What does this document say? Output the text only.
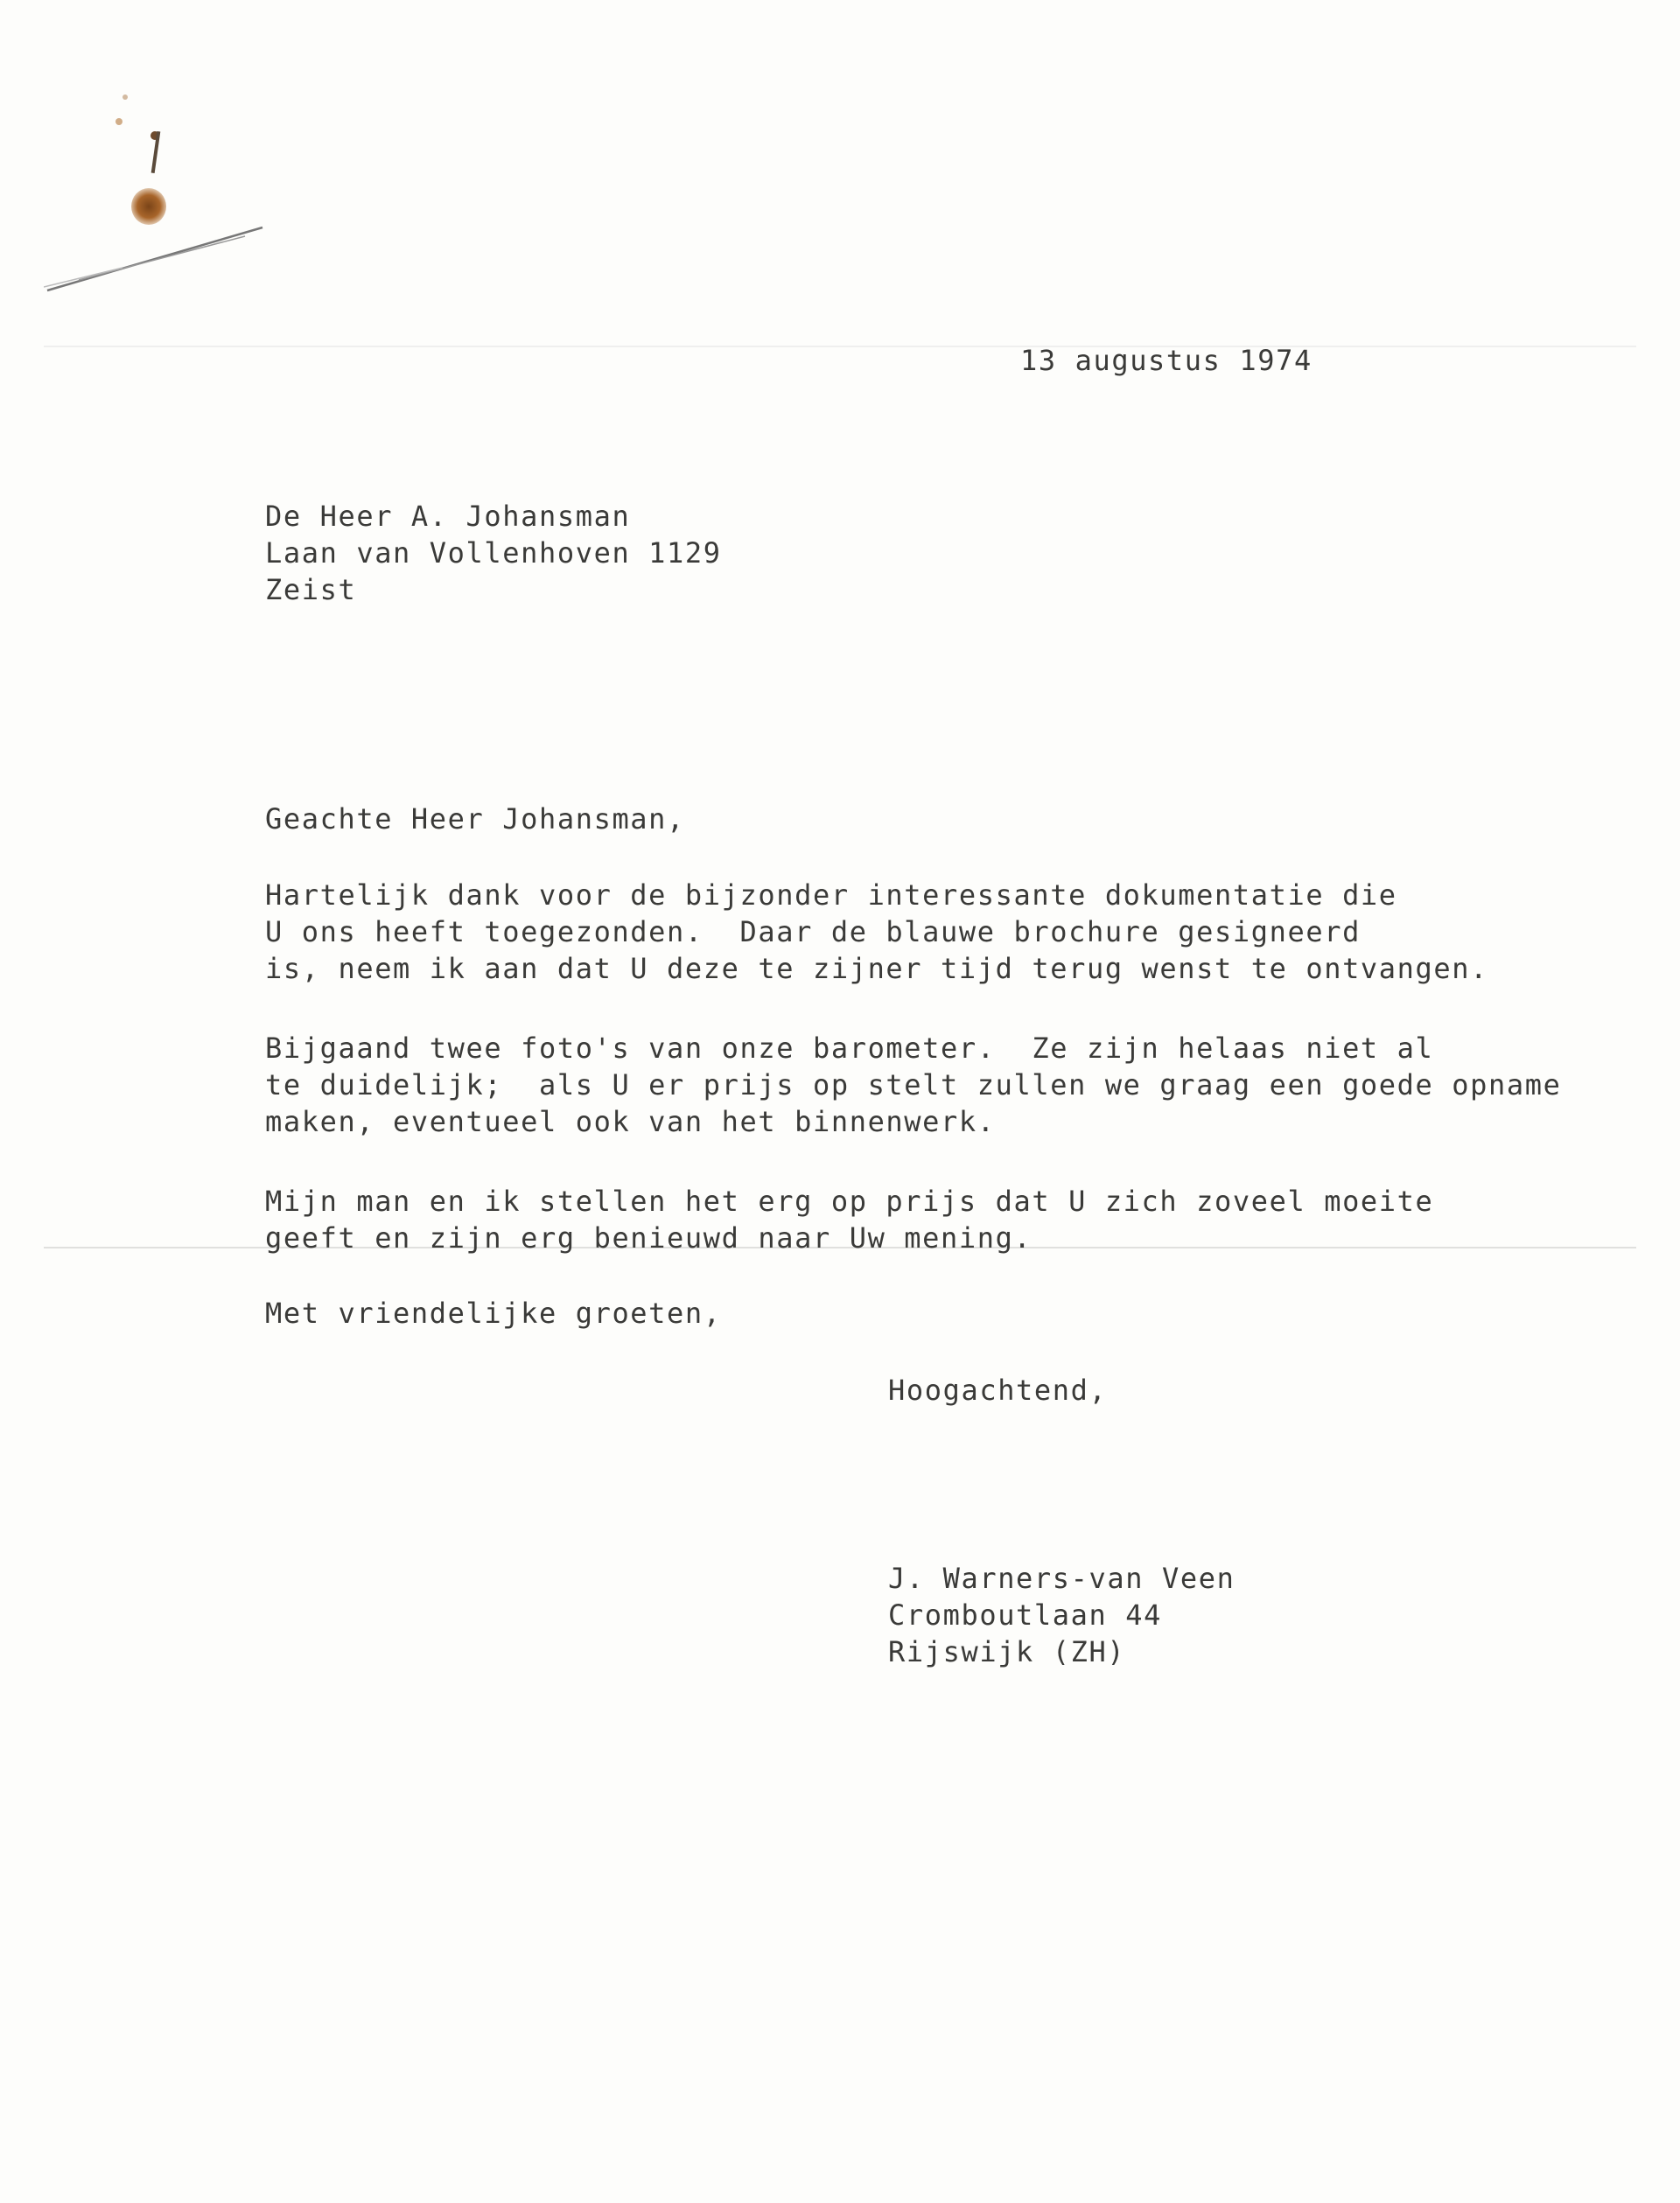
13 augustus 1974
De Heer A. Johansman
Laan van Vollenhoven 1129
Zeist
Geachte Heer Johansman,
Hartelijk dank voor de bijzonder interessante dokumentatie die
U ons heeft toegezonden.  Daar de blauwe brochure gesigneerd
is, neem ik aan dat U deze te zijner tijd terug wenst te ontvangen.
Bijgaand twee foto's van onze barometer.  Ze zijn helaas niet al
te duidelijk;  als U er prijs op stelt zullen we graag een goede opname
maken, eventueel ook van het binnenwerk.
Mijn man en ik stellen het erg op prijs dat U zich zoveel moeite
geeft en zijn erg benieuwd naar Uw mening.
Met vriendelijke groeten,
Hoogachtend,
J. Warners-van Veen
Cromboutlaan 44
Rijswijk (ZH)
